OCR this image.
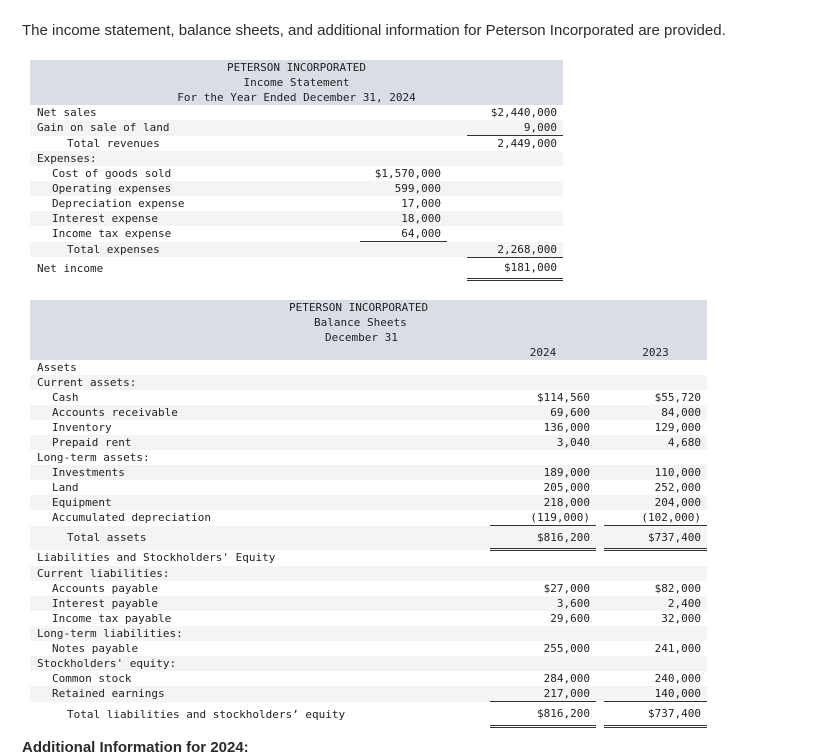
The income statement, balance sheets, and additional information for Peterson Incorporated are provided.
PETERSON INCORPORATED			
Income Statement			
For the Year Ended December 31, 2024			
Net sales			$2,440,000
Gain on sale of land			9,000
Total revenues			2,449,000
Expenses:			
Cost of goods sold	$1,570,000		
Operating expenses	599,000		
Depreciation expense	17,000		
Interest expense	18,000		
Income tax expense	64,000		
Total expenses			2,268,000
Net income			$181,000
PETERSON INCORPORATED				
Balance Sheets				
December 31				
		2024		2023
Assets				
Current assets:				
Cash		$114,560		$55,720
Accounts receivable		69,600		84,000
Inventory		136,000		129,000
Prepaid rent		3,040		4,680
Long-term assets:				
Investments		189,000		110,000
Land		205,000		252,000
Equipment		218,000		204,000
Accumulated depreciation		(119,000)		(102,000)
Total assets		$816,200		$737,400
Liabilities and Stockholders' Equity				
Current liabilities:				
Accounts payable		$27,000		$82,000
Interest payable		3,600		2,400
Income tax payable		29,600		32,000
Long-term liabilities:				
Notes payable		255,000		241,000
Stockholders' equity:				
Common stock		284,000		240,000
Retained earnings		217,000		140,000
Total liabilities and stockholders’ equity		$816,200		$737,400
Additional Information for 2024:
